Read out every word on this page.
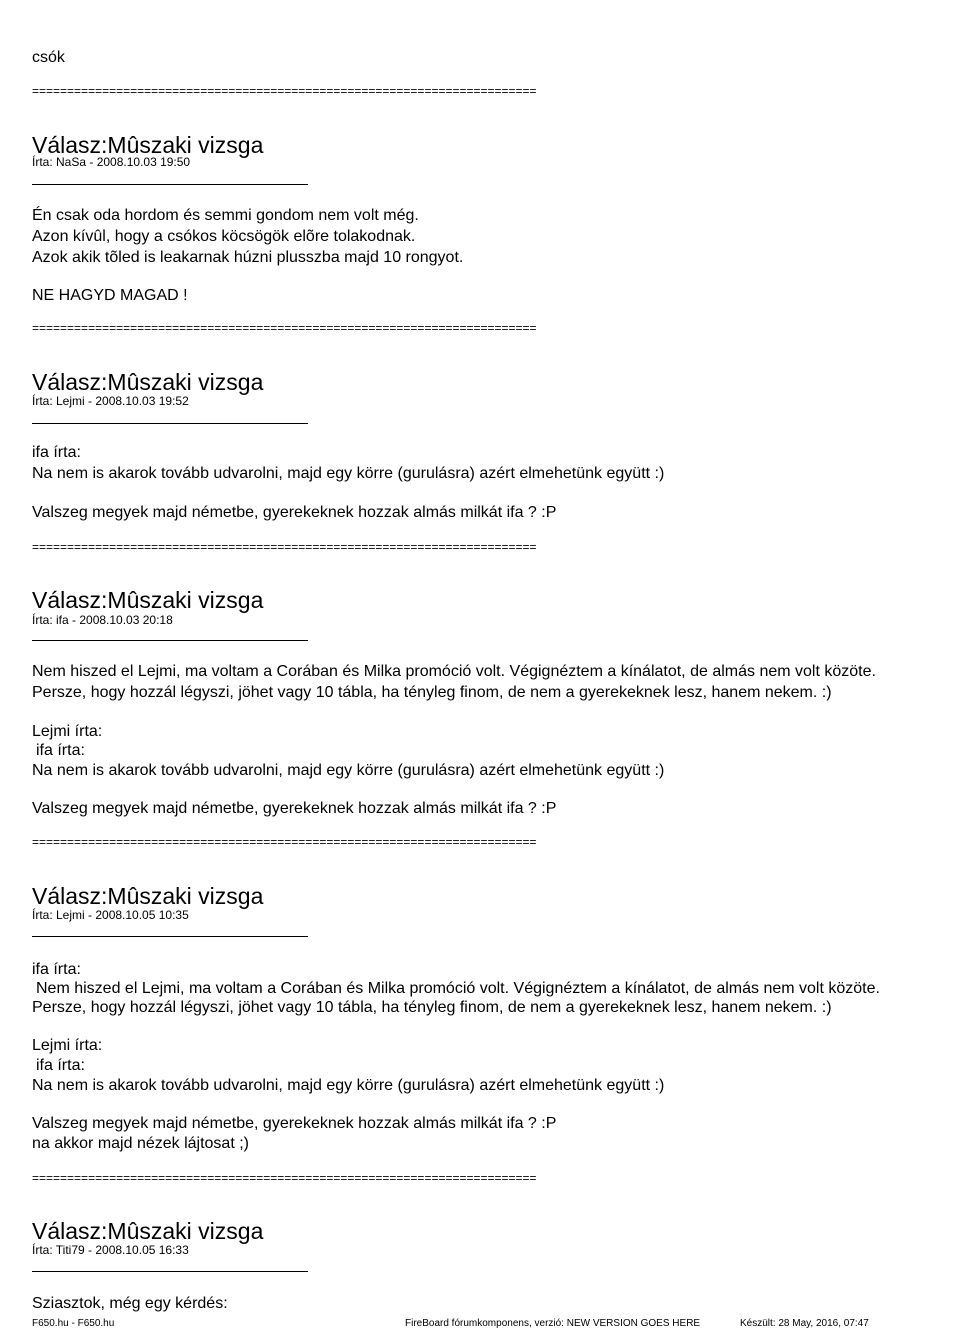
csók
========================================================================
Válasz:Mûszaki vizsga
Írta: NaSa - 2008.10.03 19:50
Én csak oda hordom és semmi gondom nem volt még.
Azon kívûl, hogy a csókos köcsögök elõre tolakodnak.
Azok akik tõled is leakarnak húzni plusszba majd 10 rongyot.
NE HAGYD MAGAD !
========================================================================
Válasz:Mûszaki vizsga
Írta: Lejmi - 2008.10.03 19:52
ifa írta:
Na nem is akarok tovább udvarolni, majd egy körre (gurulásra) azért elmehetünk együtt :)
Valszeg megyek majd németbe, gyerekeknek hozzak almás milkát ifa ? :P
========================================================================
Válasz:Mûszaki vizsga
Írta: ifa - 2008.10.03 20:18
Nem hiszed el Lejmi, ma voltam a Corában és Milka promóció volt. Végignéztem a kínálatot, de almás nem volt közöte.
Persze, hogy hozzál légyszi, jöhet vagy 10 tábla, ha tényleg finom, de nem a gyerekeknek lesz, hanem nekem. :)
Lejmi írta:
ifa írta:
Na nem is akarok tovább udvarolni, majd egy körre (gurulásra) azért elmehetünk együtt :)
Valszeg megyek majd németbe, gyerekeknek hozzak almás milkát ifa ? :P
========================================================================
Válasz:Mûszaki vizsga
Írta: Lejmi - 2008.10.05 10:35
ifa írta:
Nem hiszed el Lejmi, ma voltam a Corában és Milka promóció volt. Végignéztem a kínálatot, de almás nem volt közöte.
Persze, hogy hozzál légyszi, jöhet vagy 10 tábla, ha tényleg finom, de nem a gyerekeknek lesz, hanem nekem. :)
Lejmi írta:
ifa írta:
Na nem is akarok tovább udvarolni, majd egy körre (gurulásra) azért elmehetünk együtt :)
Valszeg megyek majd németbe, gyerekeknek hozzak almás milkát ifa ? :P
na akkor majd nézek lájtosat ;)
========================================================================
Válasz:Mûszaki vizsga
Írta: Titi79 - 2008.10.05 16:33
Sziasztok, még egy kérdés:
F650.hu - F650.hu	FireBoard fórumkomponens, verzió: NEW VERSION GOES HERE	Készült: 28 May, 2016, 07:47
